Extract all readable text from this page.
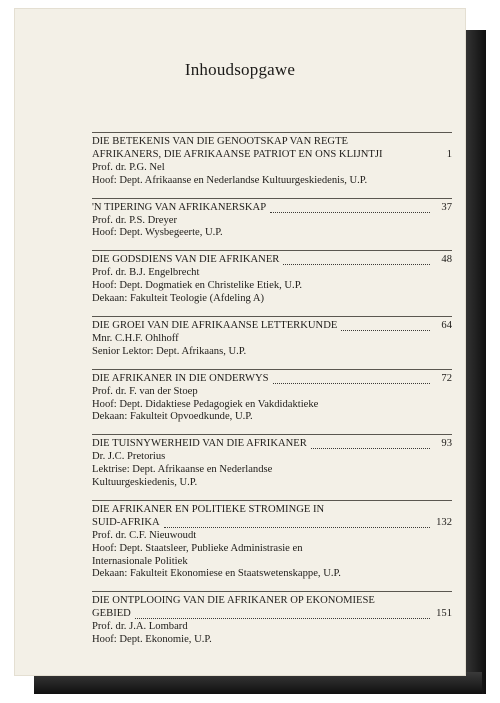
Inhoudsopgawe
DIE BETEKENIS VAN DIE GENOOTSKAP VAN REGTE
AFRIKANERS, DIE AFRIKAANSE PATRIOT EN ONS KLIJNTJI	1
Prof. dr. P.G. Nel
Hoof: Dept. Afrikaanse en Nederlandse Kultuurgeskiedenis, U.P.
'N TIPERING VAN AFRIKANERSKAP	37
Prof. dr. P.S. Dreyer
Hoof: Dept. Wysbegeerte, U.P.
DIE GODSDIENS VAN DIE AFRIKANER	48
Prof. dr. B.J. Engelbrecht
Hoof: Dept. Dogmatiek en Christelike Etiek, U.P.
Dekaan: Fakulteit Teologie (Afdeling A)
DIE GROEI VAN DIE AFRIKAANSE LETTERKUNDE	64
Mnr. C.H.F. Ohlhoff
Senior Lektor: Dept. Afrikaans, U.P.
DIE AFRIKANER IN DIE ONDERWYS	72
Prof. dr. F. van der Stoep
Hoof: Dept. Didaktiese Pedagogiek en Vakdidaktieke
Dekaan: Fakulteit Opvoedkunde, U.P.
DIE TUISNYWERHEID VAN DIE AFRIKANER	93
Dr. J.C. Pretorius
Lektrise: Dept. Afrikaanse en Nederlandse
Kultuurgeskiedenis, U.P.
DIE AFRIKANER EN POLITIEKE STROMINGE IN
SUID-AFRIKA	132
Prof. dr. C.F. Nieuwoudt
Hoof: Dept. Staatsleer, Publieke Administrasie en
Internasionale Politiek
Dekaan: Fakulteit Ekonomiese en Staatswetenskappe, U.P.
DIE ONTPLOOING VAN DIE AFRIKANER OP EKONOMIESE
GEBIED	151
Prof. dr. J.A. Lombard
Hoof: Dept. Ekonomie, U.P.
